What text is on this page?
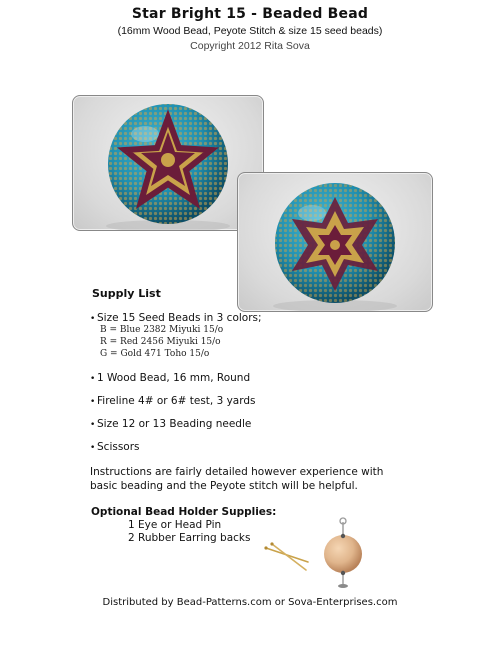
Star Bright 15 - Beaded Bead
(16mm Wood Bead, Peyote Stitch & size 15 seed beads)
Copyright 2012 Rita Sova
Supply List
• Size 15 Seed Beads in 3 colors;
B = Blue 2382 Miyuki 15/o
R = Red 2456 Miyuki 15/o
G = Gold 471 Toho 15/o
• 1 Wood Bead, 16 mm, Round
• Fireline 4# or 6# test, 3 yards
• Size 12 or 13 Beading needle
• Scissors
Instructions are fairly detailed however experience with basic beading and the Peyote stitch will be helpful.
Optional Bead Holder Supplies:
1 Eye or Head Pin
2 Rubber Earring backs
Distributed by Bead-Patterns.com or Sova-Enterprises.com
